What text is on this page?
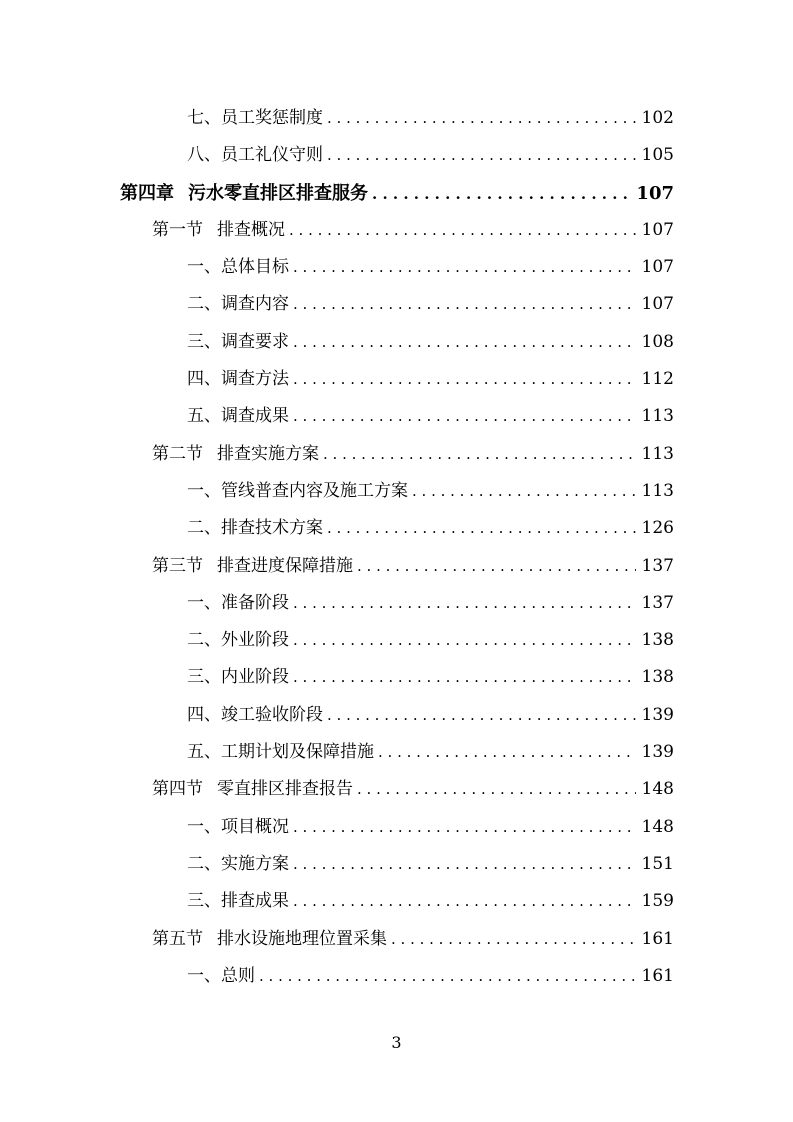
七、员工奖惩制度 . . .	102
八、员工礼仪守则 . . .	105
第四章 污水零直排区排查服务 . . .	107
第一节 排查概况 . . .	107
一、总体目标 . . .	107
二、调查内容 . . .	107
三、调查要求 . . .	108
四、调查方法 . . .	112
五、调查成果 . . .	113
第二节 排查实施方案 . . .	113
一、管线普查内容及施工方案 . . .	113
二、排查技术方案 . . .	126
第三节 排查进度保障措施 . . .	137
一、准备阶段 . . .	137
二、外业阶段 . . .	138
三、内业阶段 . . .	138
四、竣工验收阶段 . . .	139
五、工期计划及保障措施 . . .	139
第四节 零直排区排查报告 . . .	148
一、项目概况 . . .	148
二、实施方案 . . .	151
三、排查成果 . . .	159
第五节 排水设施地理位置采集 . . .	161
一、总则 . . .	161
3
